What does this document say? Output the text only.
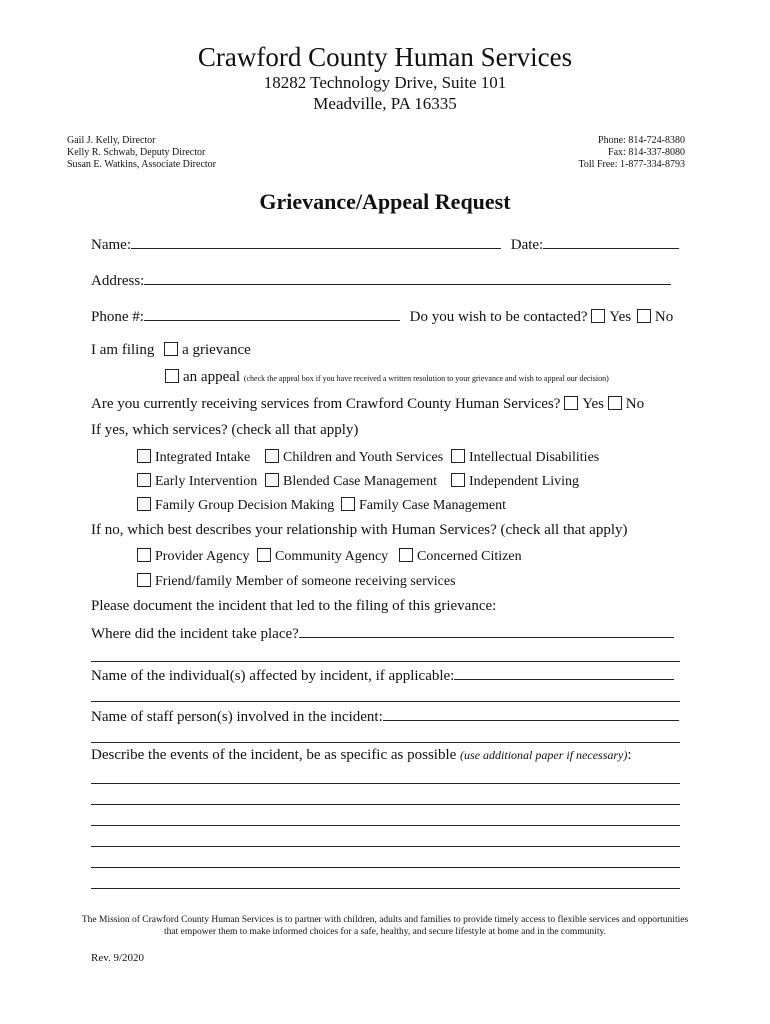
Crawford County Human Services
18282 Technology Drive, Suite 101
Meadville, PA 16335
Gail J. Kelly, Director
Kelly R. Schwab, Deputy Director
Susan E. Watkins, Associate Director
Phone: 814-724-8380
Fax: 814-337-8080
Toll Free: 1-877-334-8793
Grievance/Appeal Request
Name:	Date:
Address:
Phone #:	Do you wish to be contacted? Yes No
I am filing a grievance
an appeal (check the appeal box if you have received a written resolution to your grievance and wish to appeal our decision)
Are you currently receiving services from Crawford County Human Services? Yes No
If yes, which services? (check all that apply)
Integrated Intake	Children and Youth Services	Intellectual Disabilities
Early Intervention	Blended Case Management	Independent Living
Family Group Decision Making	Family Case Management
If no, which best describes your relationship with Human Services? (check all that apply)
Provider Agency	Community Agency	Concerned Citizen
Friend/family Member of someone receiving services
Please document the incident that led to the filing of this grievance:
Where did the incident take place?
Name of the individual(s) affected by incident, if applicable:
Name of staff person(s) involved in the incident:
Describe the events of the incident, be as specific as possible (use additional paper if necessary):
The Mission of Crawford County Human Services is to partner with children, adults and families to provide timely access to flexible services and opportunities
that empower them to make informed choices for a safe, healthy, and secure lifestyle at home and in the community.
Rev. 9/2020
